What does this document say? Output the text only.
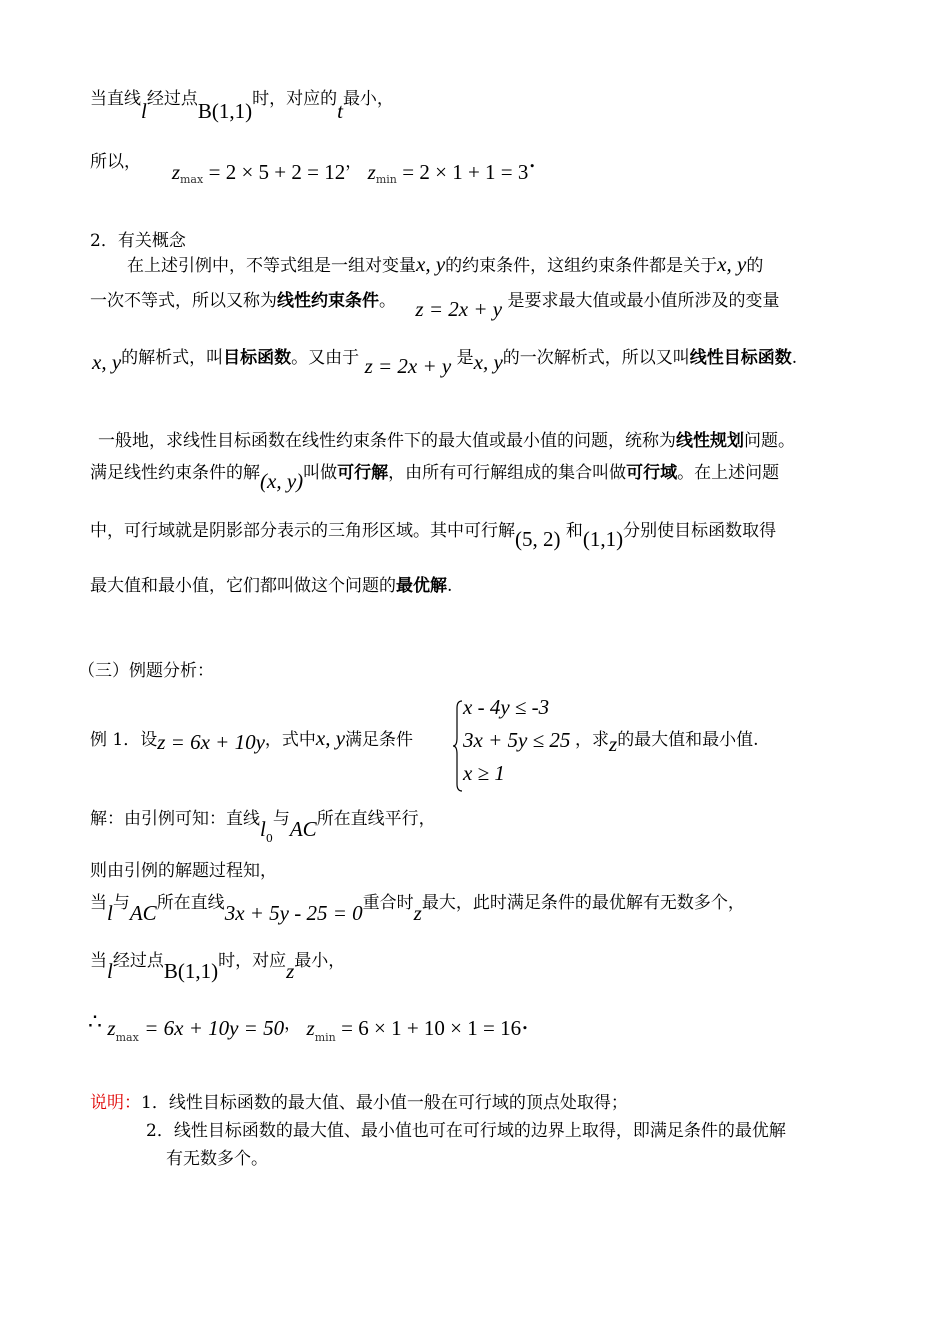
当直线l经过点B(1,1)时，对应的t最小，
所以， $z_{max} = 2 \times 5 + 2 = 12$， $z_{min} = 2 \times 1 + 1 = 3$.
2．有关概念
在上述引例中，不等式组是一组对变量x, y的约束条件，这组约束条件都是关于x, y的
一次不等式，所以又称为线性约束条件。 z = 2x + y 是要求最大值或最小值所涉及的变量
x, y的解析式，叫目标函数。又由于 z = 2x + y 是x, y的一次解析式，所以又叫线性目标函数.
一般地，求线性目标函数在线性约束条件下的最大值或最小值的问题，统称为线性规划问题。
满足线性约束条件的解(x, y)叫做可行解，由所有可行解组成的集合叫做可行域。在上述问题
中，可行域就是阴影部分表示的三角形区域。其中可行解(5, 2) 和(1,1)分别使目标函数取得
最大值和最小值，它们都叫做这个问题的最优解.
（三）例题分析：
例 1．设z = 6x + 10y，式中x, y满足条件
x - 4y ≤ -3
3x + 5y ≤ 25
x ≥ 1
，求z的最大值和最小值.
解：由引例可知：直线$l_0$与AC所在直线平行，
则由引例的解题过程知，
当l与AC所在直线3x + 5y - 25 = 0重合时z最大，此时满足条件的最优解有无数多个，
当l经过点B(1,1)时，对应z最小，
∴ $z_{max} = 6x + 10y = 50$， $z_{min} = 6 \times 1 + 10 \times 1 = 16$.
说明：1．线性目标函数的最大值、最小值一般在可行域的顶点处取得；
2．线性目标函数的最大值、最小值也可在可行域的边界上取得，即满足条件的最优解
有无数多个。
